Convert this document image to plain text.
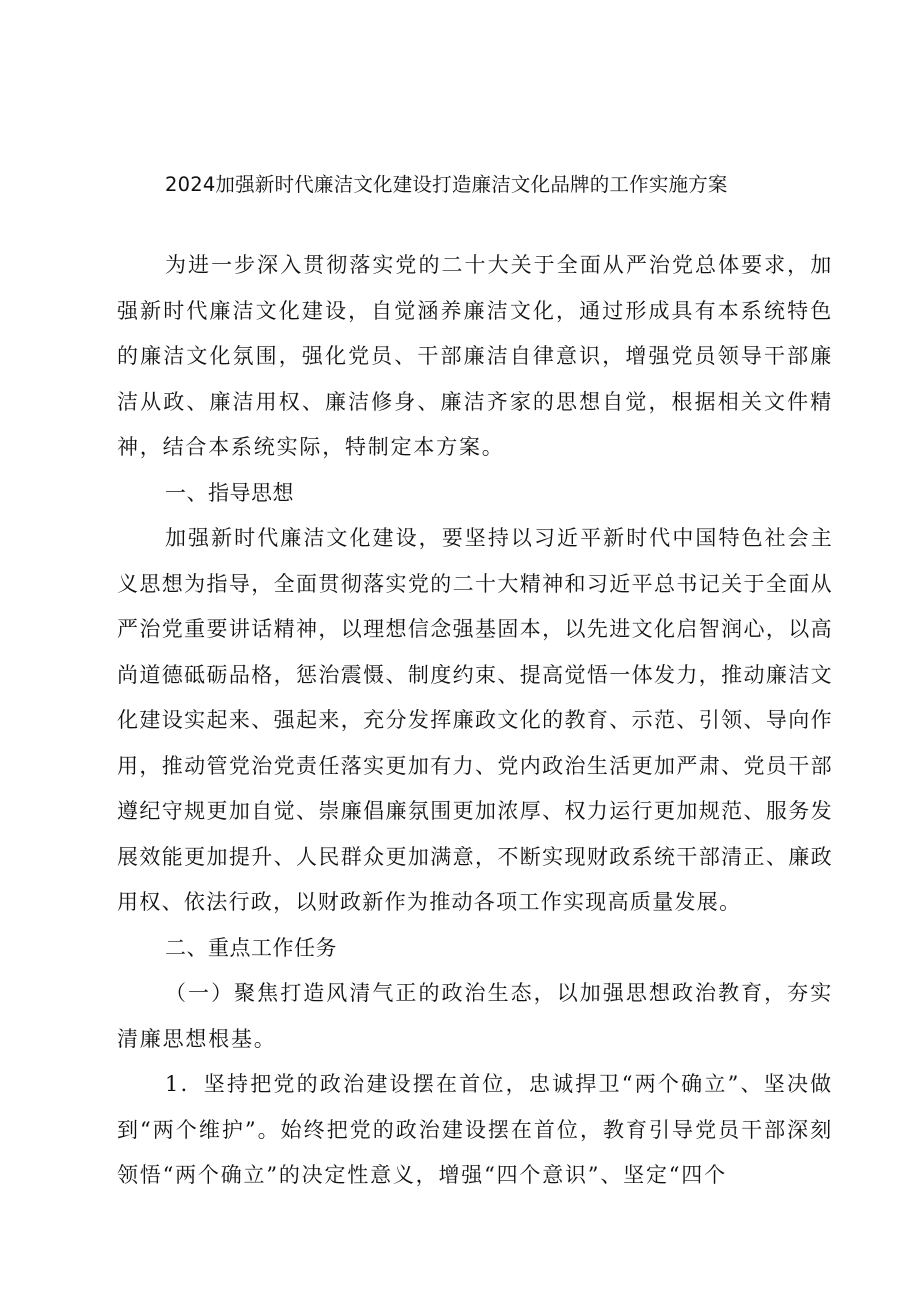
2024加强新时代廉洁文化建设打造廉洁文化品牌的工作实施方案

为进一步深入贯彻落实党的二十大关于全面从严治党总体要求，加强新时代廉洁文化建设，自觉涵养廉洁文化，通过形成具有本系统特色的廉洁文化氛围，强化党员、干部廉洁自律意识，增强党员领导干部廉洁从政、廉洁用权、廉洁修身、廉洁齐家的思想自觉，根据相关文件精神，结合本系统实际，特制定本方案。

一、指导思想

加强新时代廉洁文化建设，要坚持以习近平新时代中国特色社会主义思想为指导，全面贯彻落实党的二十大精神和习近平总书记关于全面从严治党重要讲话精神，以理想信念强基固本，以先进文化启智润心，以高尚道德砥砺品格，惩治震慑、制度约束、提高觉悟一体发力，推动廉洁文化建设实起来、强起来，充分发挥廉政文化的教育、示范、引领、导向作用，推动管党治党责任落实更加有力、党内政治生活更加严肃、党员干部遵纪守规更加自觉、崇廉倡廉氛围更加浓厚、权力运行更加规范、服务发展效能更加提升、人民群众更加满意，不断实现财政系统干部清正、廉政用权、依法行政，以财政新作为推动各项工作实现高质量发展。

二、重点工作任务

（一）聚焦打造风清气正的政治生态，以加强思想政治教育，夯实清廉思想根基。

1．坚持把党的政治建设摆在首位，忠诚捍卫“两个确立”、坚决做到“两个维护”。始终把党的政治建设摆在首位，教育引导党员干部深刻领悟“两个确立”的决定性意义，增强“四个意识”、坚定“四个
